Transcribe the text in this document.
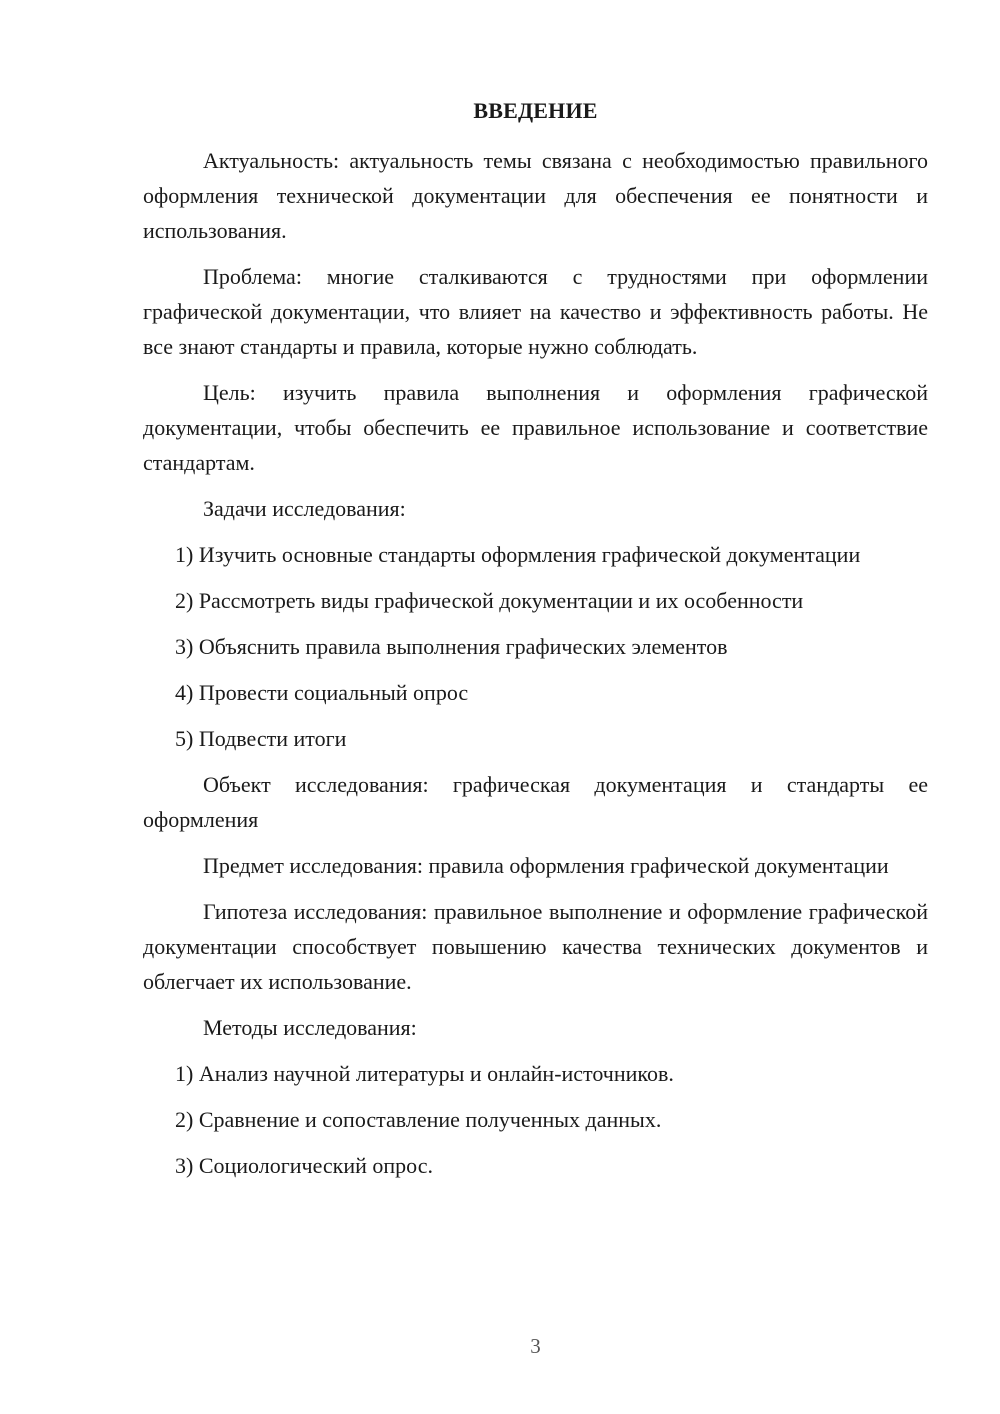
ВВЕДЕНИЕ

Актуальность: актуальность темы связана с необходимостью правильного оформления технической документации для обеспечения ее понятности и использования.

Проблема: многие сталкиваются с трудностями при оформлении графической документации, что влияет на качество и эффективность работы. Не все знают стандарты и правила, которые нужно соблюдать.

Цель: изучить правила выполнения и оформления графической документации, чтобы обеспечить ее правильное использование и соответствие стандартам.

Задачи исследования:

1) Изучить основные стандарты оформления графической документации

2) Рассмотреть виды графической документации и их особенности

3) Объяснить правила выполнения графических элементов

4) Провести социальный опрос

5) Подвести итоги

Объект исследования: графическая документация и стандарты ее оформления

Предмет исследования: правила оформления графической документации

Гипотеза исследования: правильное выполнение и оформление графической документации способствует повышению качества технических документов и облегчает их использование.

Методы исследования:

1) Анализ научной литературы и онлайн-источников.

2) Сравнение и сопоставление полученных данных.

3) Социологический опрос.

3
